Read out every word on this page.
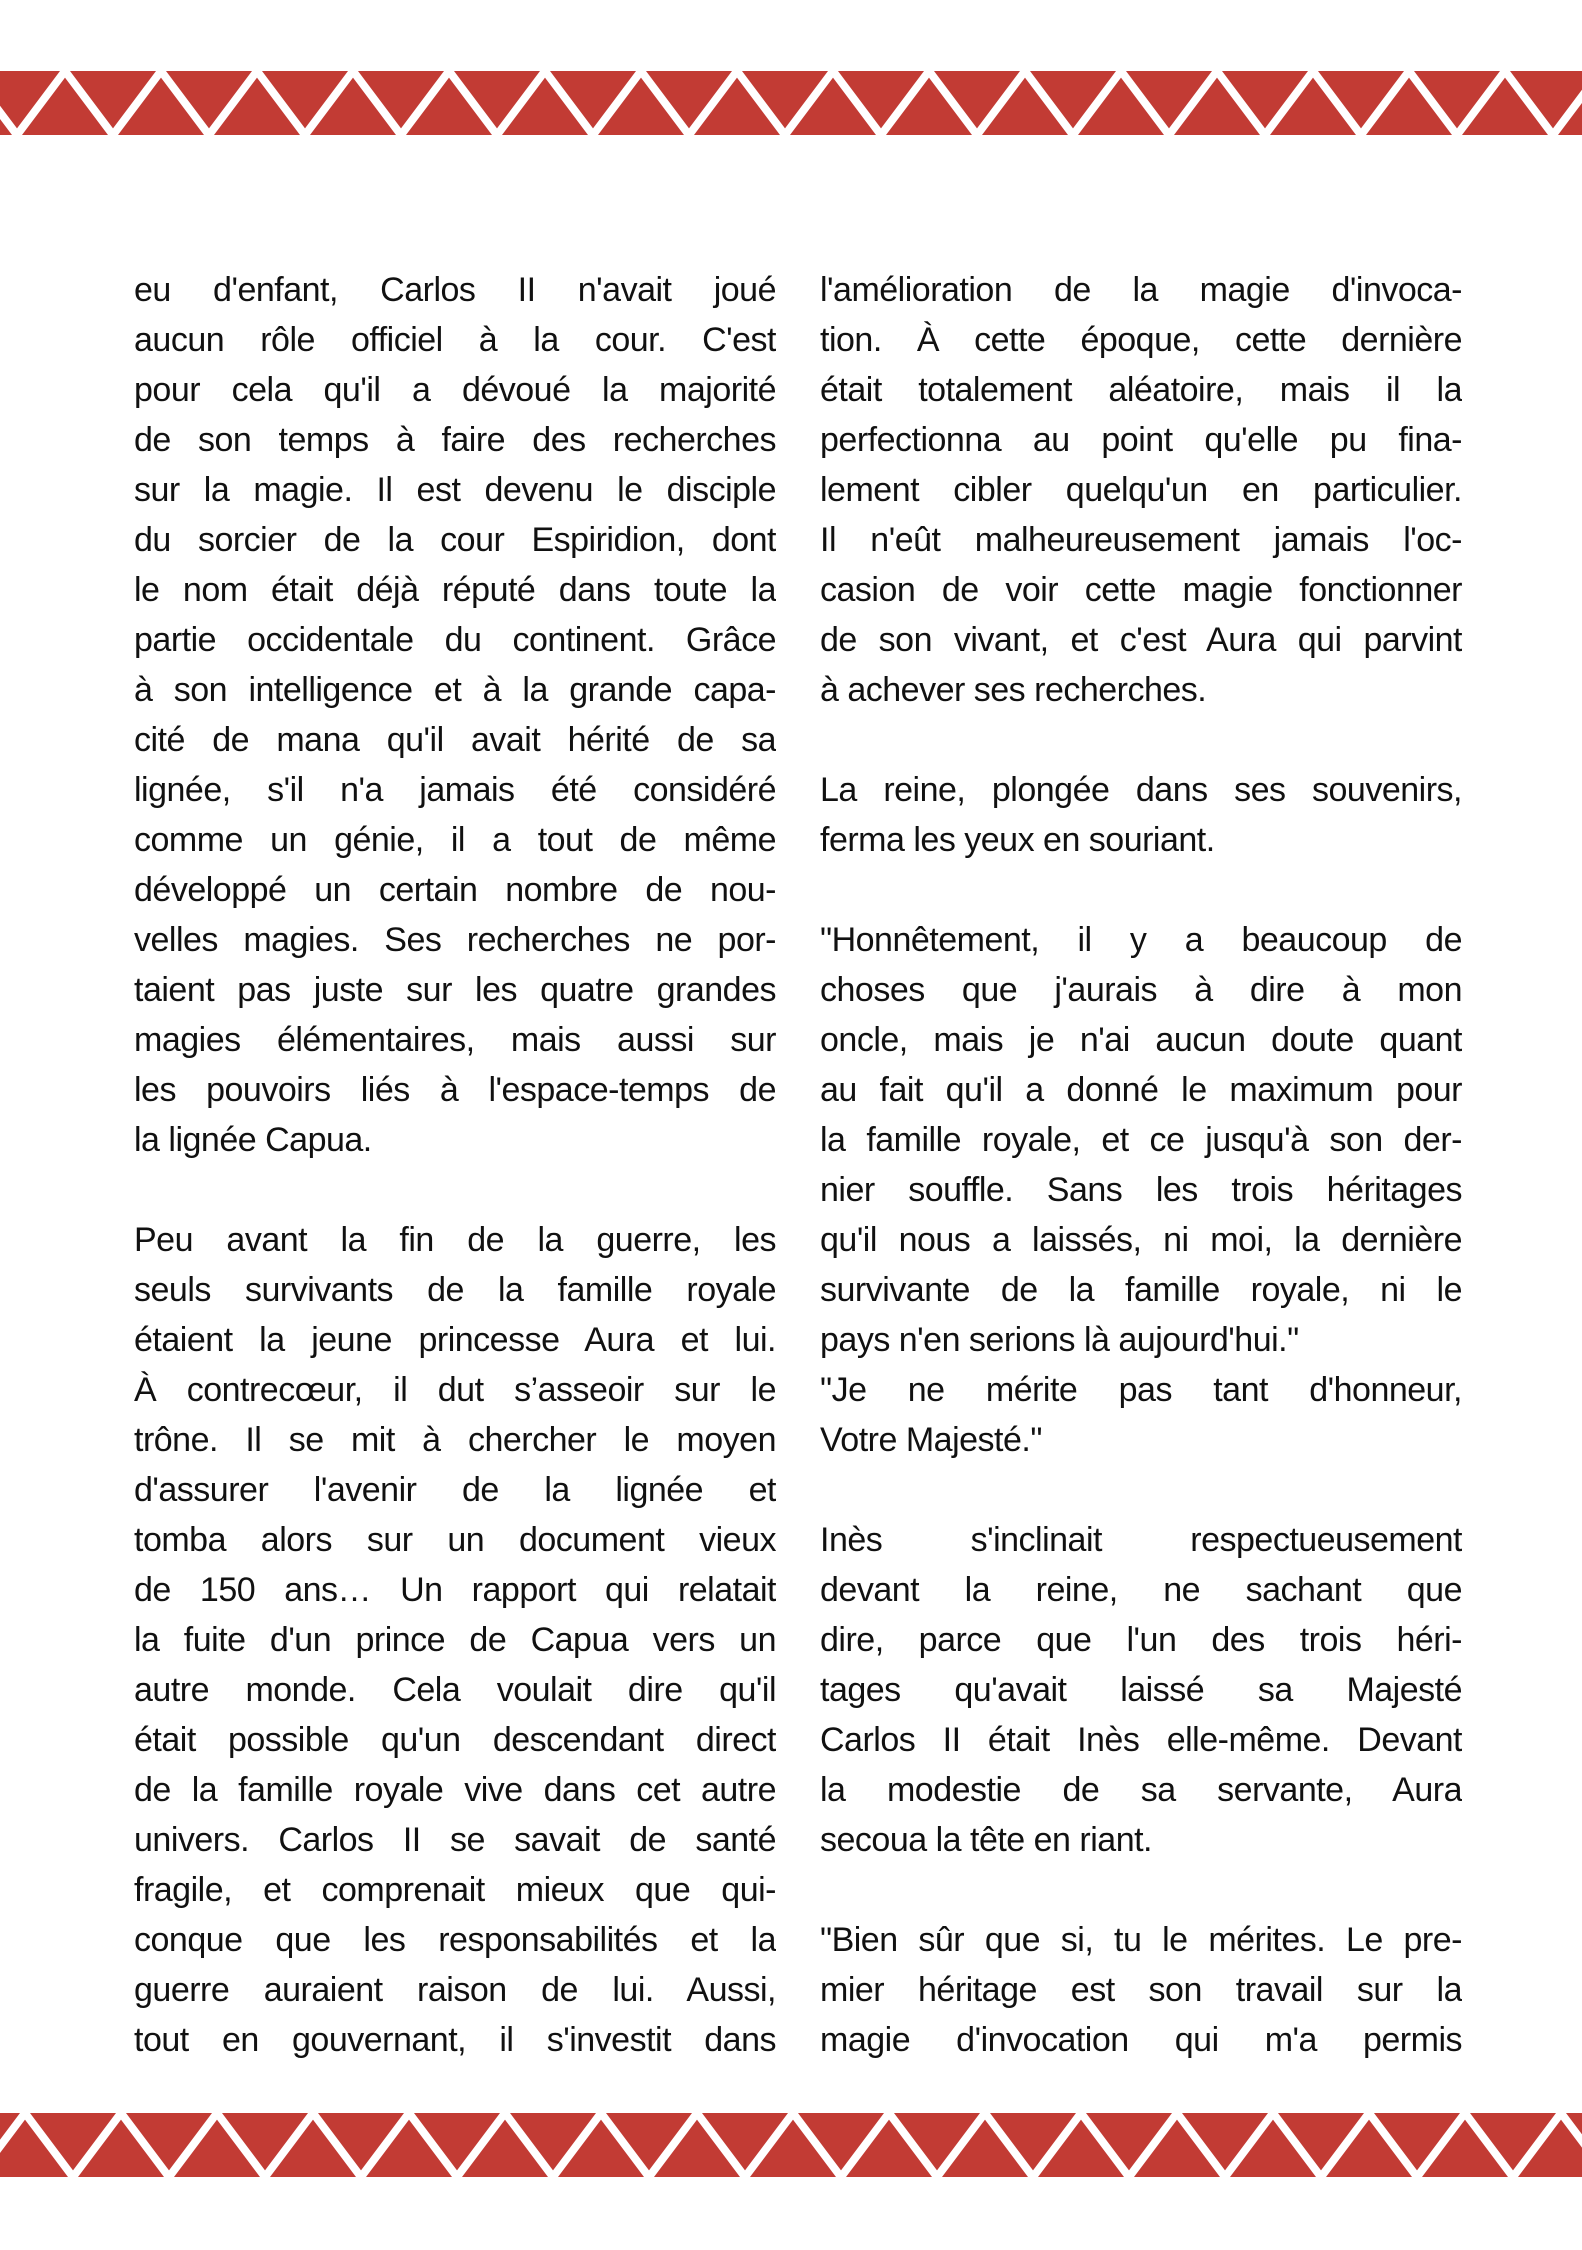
eu d'enfant, Carlos II n'avait joué
aucun rôle officiel à la cour. C'est
pour cela qu'il a dévoué la majorité
de son temps à faire des recherches
sur la magie. Il est devenu le disciple
du sorcier de la cour Espiridion, dont
le nom était déjà réputé dans toute la
partie occidentale du continent. Grâce
à son intelligence et à la grande capa-
cité de mana qu'il avait hérité de sa
lignée, s'il n'a jamais été considéré
comme un génie, il a tout de même
développé un certain nombre de nou-
velles magies. Ses recherches ne por-
taient pas juste sur les quatre grandes
magies élémentaires, mais aussi sur
les pouvoirs liés à l'espace-temps de
la lignée Capua.
Peu avant la fin de la guerre, les
seuls survivants de la famille royale
étaient la jeune princesse Aura et lui.
À contrecœur, il dut s’asseoir sur le
trône. Il se mit à chercher le moyen
d'assurer l'avenir de la lignée et
tomba alors sur un document vieux
de 150 ans… Un rapport qui relatait
la fuite d'un prince de Capua vers un
autre monde. Cela voulait dire qu'il
était possible qu'un descendant direct
de la famille royale vive dans cet autre
univers. Carlos II se savait de santé
fragile, et comprenait mieux que qui-
conque que les responsabilités et la
guerre auraient raison de lui. Aussi,
tout en gouvernant, il s'investit dans
l'amélioration de la magie d'invoca-
tion. À cette époque, cette dernière
était totalement aléatoire, mais il la
perfectionna au point qu'elle pu fina-
lement cibler quelqu'un en particulier.
Il n'eût malheureusement jamais l'oc-
casion de voir cette magie fonctionner
de son vivant, et c'est Aura qui parvint
à achever ses recherches.
La reine, plongée dans ses souvenirs,
ferma les yeux en souriant.
"Honnêtement, il y a beaucoup de
choses que j'aurais à dire à mon
oncle, mais je n'ai aucun doute quant
au fait qu'il a donné le maximum pour
la famille royale, et ce jusqu'à son der-
nier souffle. Sans les trois héritages
qu'il nous a laissés, ni moi, la dernière
survivante de la famille royale, ni le
pays n'en serions là aujourd'hui."
"Je ne mérite pas tant d'honneur,
Votre Majesté."
Inès s'inclinait respectueusement
devant la reine, ne sachant que
dire, parce que l'un des trois héri-
tages qu'avait laissé sa Majesté
Carlos II était Inès elle-même. Devant
la modestie de sa servante, Aura
secoua la tête en riant.
"Bien sûr que si, tu le mérites. Le pre-
mier héritage est son travail sur la
magie d'invocation qui m'a permis
